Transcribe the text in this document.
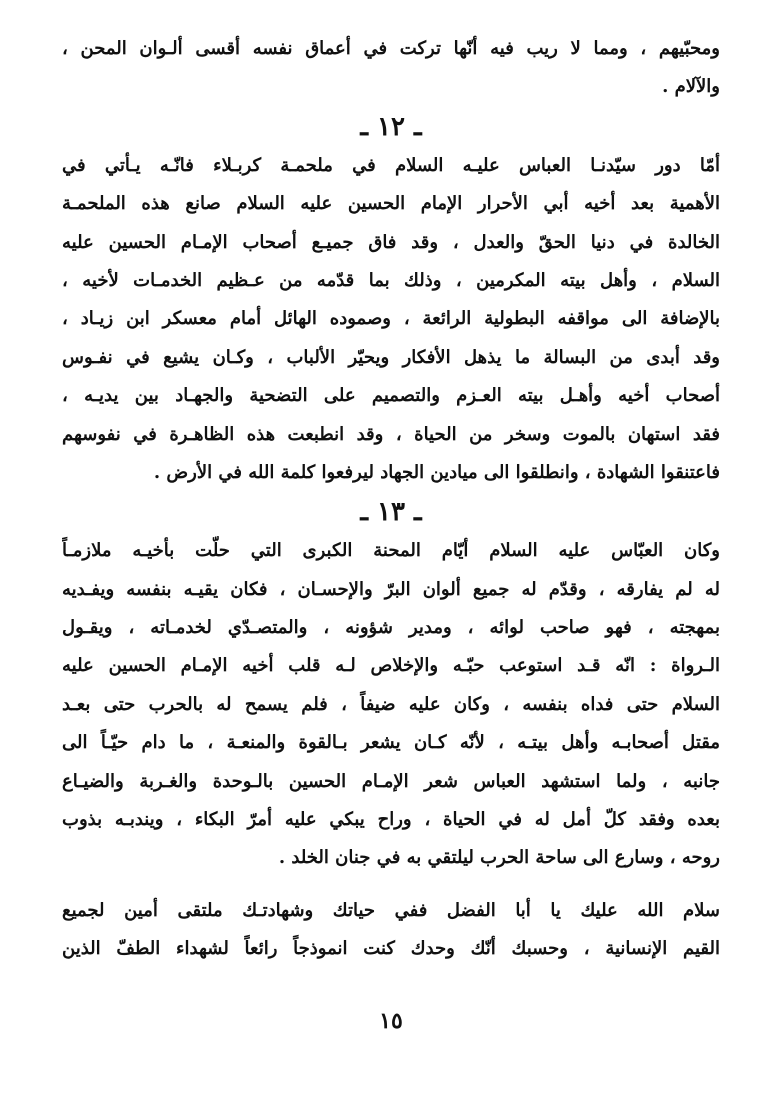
ومحبّيهم ، ومما لا ريب فيه أنّها تركت في أعماق نفسه أقسى ألـوان المحن ،
والآلام .
ـ ١٢ ـ
أمّا دور سيّدنـا العباس عليـه السلام في ملحمـة كربـلاء فانّـه يـأتي في
الأهمية بعد أخيه أبي الأحرار الإمام الحسين عليه السلام صانع هذه الملحمـة
الخالدة في دنيا الحقّ والعدل ، وقد فاق جميـع أصحاب الإمـام الحسين عليه
السلام ، وأهل بيته المكرمين ، وذلك بما قدّمه من عـظيم الخدمـات لأخيه ،
بالإضافة الى مواقفه البطولية الرائعة ، وصموده الهائل أمام معسكر ابن زيـاد ،
وقد أبدى من البسالة ما يذهل الأفكار ويحيّر الألباب ، وكـان يشيع في نفـوس
أصحاب أخيه وأهـل بيته العـزم والتصميم على التضحية والجهـاد بين يديـه ،
فقد استهان بالموت وسخر من الحياة ، وقد انطبعت هذه الظاهـرة في نفوسهم
فاعتنقوا الشهادة ، وانطلقوا الى ميادين الجهاد ليرفعوا كلمة الله في الأرض .
ـ ١٣ ـ
وكان العبّاس عليه السلام أيّام المحنة الكبرى التي حلّت بأخيـه ملازمـاً
له لم يفارقه ، وقدّم له جميع ألوان البرّ والإحسـان ، فكان يقيـه بنفسه ويفـديه
بمهجته ، فهو صاحب لوائه ، ومدير شؤونه ، والمتصـدّي لخدمـاته ، ويقـول
الـرواة : انّه قـد استوعب حبّـه والإخلاص لـه قلب أخيه الإمـام الحسين عليه
السلام حتى فداه بنفسه ، وكان عليه ضيفاً ، فلم يسمح له بالحرب حتى بعـد
مقتل أصحابـه وأهل بيتـه ، لأنّه كـان يشعر بـالقوة والمنعـة ، ما دام حيّـاً الى
جانبه ، ولما استشهد العباس شعر الإمـام الحسين بالـوحدة والغـربة والضيـاع
بعده وفقد كلّ أمل له في الحياة ، وراح يبكي عليه أمرّ البكاء ، ويندبـه بذوب
روحه ، وسارع الى ساحة الحرب ليلتقي به في جنان الخلد .
سلام الله عليك يا أبا الفضل ففي حياتك وشهادتـك ملتقى أمين لجميع
القيم الإنسانية ، وحسبك أنّك وحدك كنت انموذجاً رائعاً لشهداء الطفّ الذين
١٥
